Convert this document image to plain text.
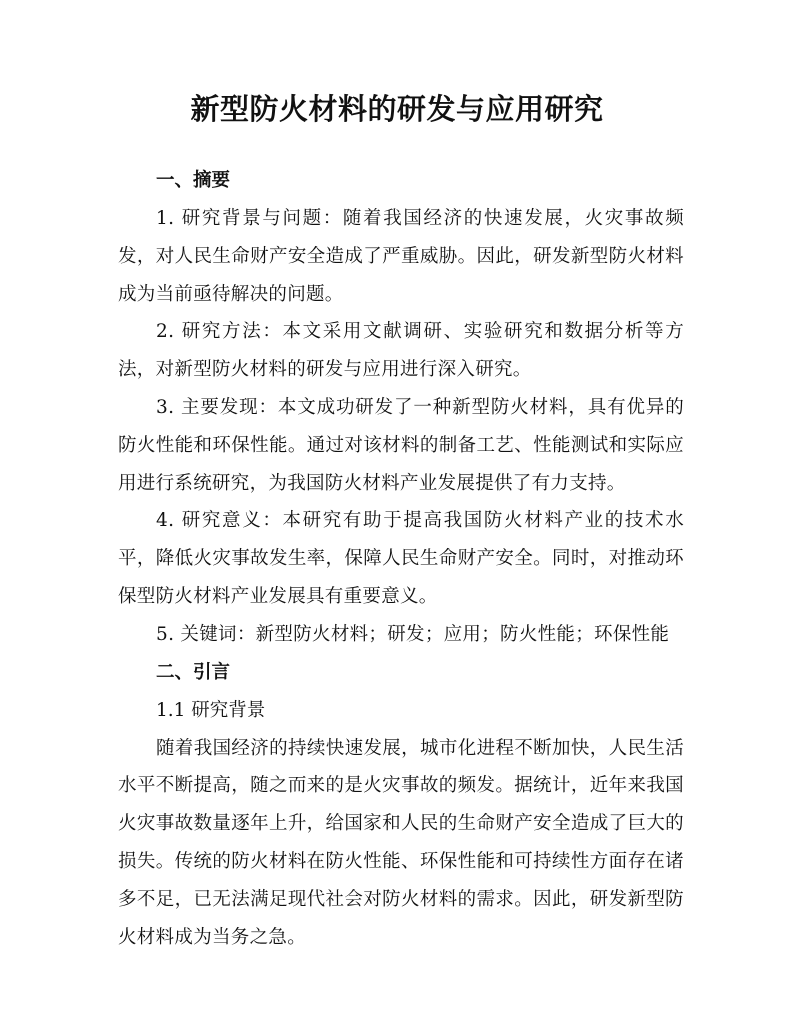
新型防火材料的研发与应用研究
一、摘要

1. 研究背景与问题：随着我国经济的快速发展，火灾事故频发，对人民生命财产安全造成了严重威胁。因此，研发新型防火材料成为当前亟待解决的问题。

2. 研究方法：本文采用文献调研、实验研究和数据分析等方法，对新型防火材料的研发与应用进行深入研究。

3. 主要发现：本文成功研发了一种新型防火材料，具有优异的防火性能和环保性能。通过对该材料的制备工艺、性能测试和实际应用进行系统研究，为我国防火材料产业发展提供了有力支持。

4. 研究意义：本研究有助于提高我国防火材料产业的技术水平，降低火灾事故发生率，保障人民生命财产安全。同时，对推动环保型防火材料产业发展具有重要意义。

5. 关键词：新型防火材料；研发；应用；防火性能；环保性能

二、引言

1.1 研究背景

随着我国经济的持续快速发展，城市化进程不断加快，人民生活水平不断提高，随之而来的是火灾事故的频发。据统计，近年来我国火灾事故数量逐年上升，给国家和人民的生命财产安全造成了巨大的损失。传统的防火材料在防火性能、环保性能和可持续性方面存在诸多不足，已无法满足现代社会对防火材料的需求。因此，研发新型防火材料成为当务之急。
